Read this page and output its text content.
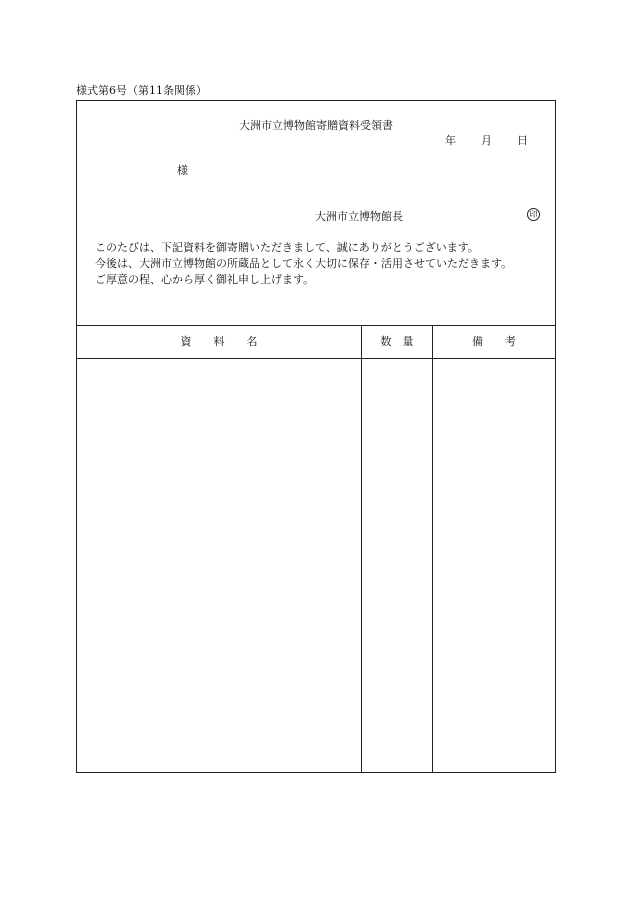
様式第6号（第11条関係）
大洲市立博物館寄贈資料受領書
年 月 日
様
大洲市立博物館長	印
このたびは、下記資料を御寄贈いただきまして、誠にありがとうございます。
今後は、大洲市立博物館の所蔵品として永く大切に保存・活用させていただきます。
ご厚意の程、心から厚く御礼申し上げます。
資　　料　　名	数　量	備　　考
